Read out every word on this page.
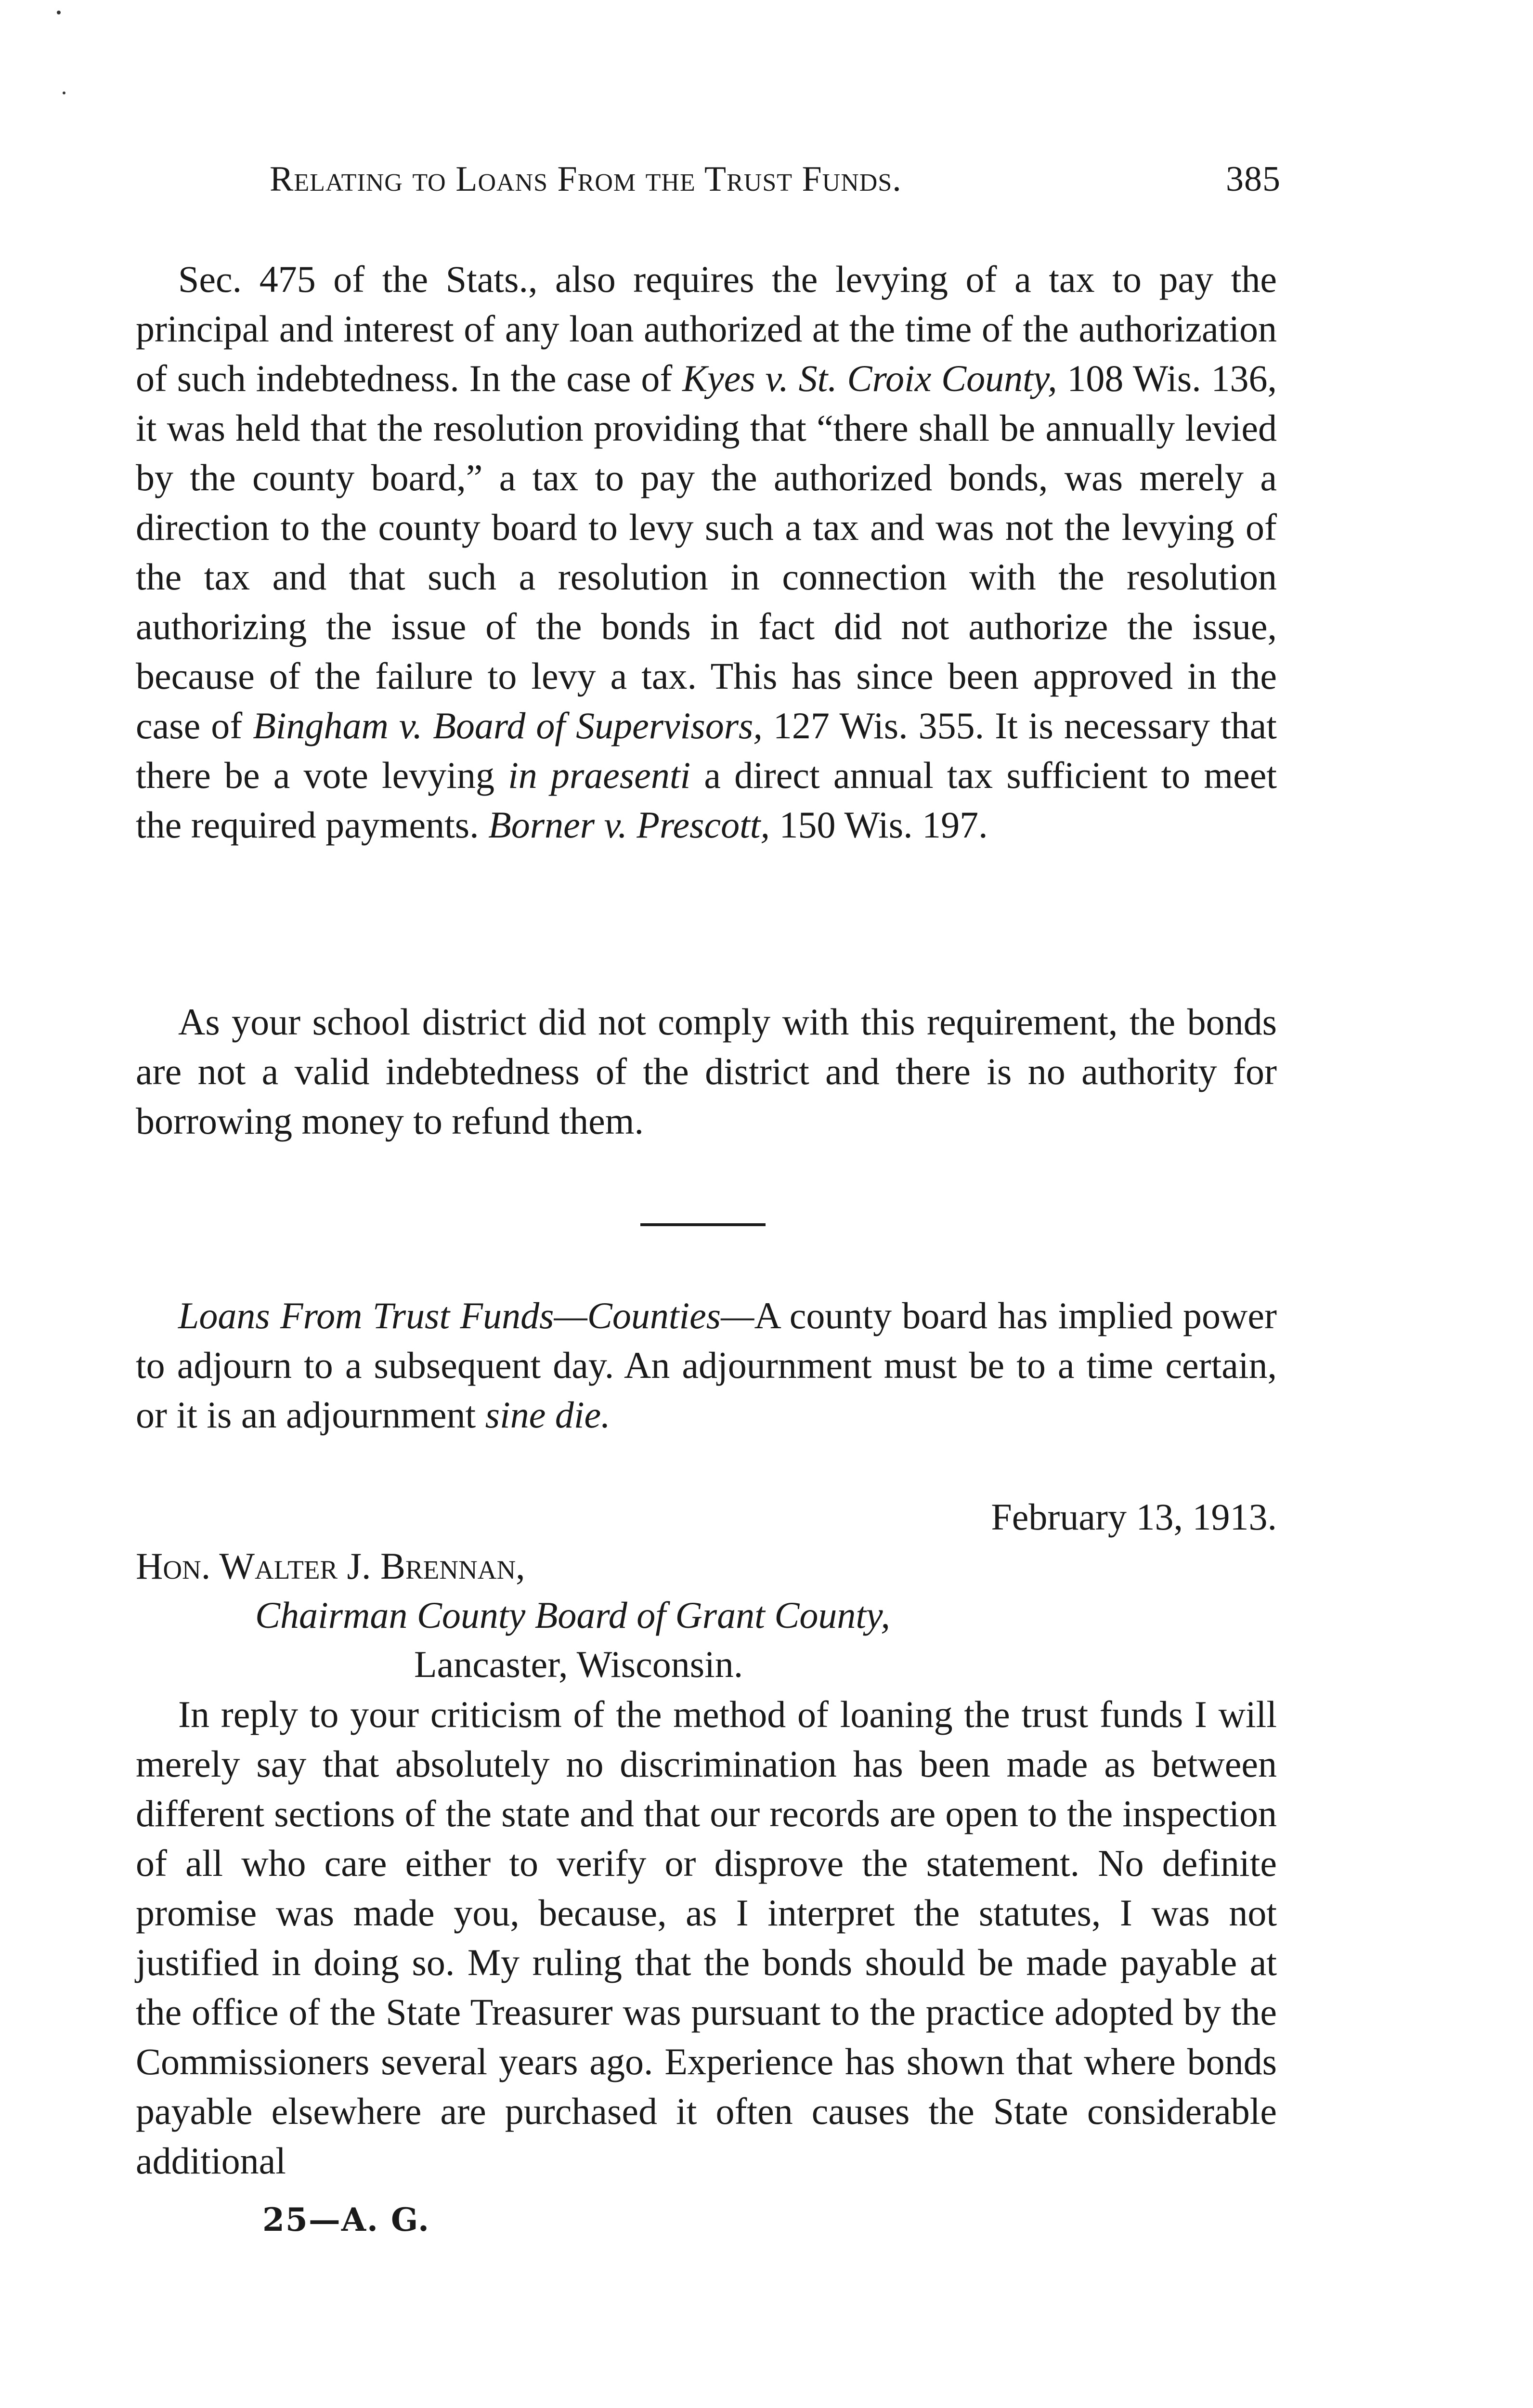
Relating to Loans From the Trust Funds.	385

Sec. 475 of the Stats., also requires the levying of a tax to pay the principal and interest of any loan authorized at the time of the authorization of such indebtedness. In the case of Kyes v. St. Croix County, 108 Wis. 136, it was held that the resolution providing that “there shall be annually levied by the county board,” a tax to pay the authorized bonds, was merely a direction to the county board to levy such a tax and was not the levying of the tax and that such a resolution in connection with the resolution authorizing the issue of the bonds in fact did not authorize the issue, because of the failure to levy a tax. This has since been approved in the case of Bingham v. Board of Supervisors, 127 Wis. 355. It is necessary that there be a vote levying in praesenti a direct annual tax sufficient to meet the required payments. Borner v. Prescott, 150 Wis. 197.

As your school district did not comply with this requirement, the bonds are not a valid indebtedness of the district and there is no authority for borrowing money to refund them.

Loans From Trust Funds—Counties—A county board has implied power to adjourn to a subsequent day. An adjournment must be to a time certain, or it is an adjournment sine die.

February 13, 1913.
Hon. Walter J. Brennan,
Chairman County Board of Grant County,
Lancaster, Wisconsin.

In reply to your criticism of the method of loaning the trust funds I will merely say that absolutely no discrimination has been made as between different sections of the state and that our records are open to the inspection of all who care either to verify or disprove the statement. No definite promise was made you, because, as I interpret the statutes, I was not justified in doing so. My ruling that the bonds should be made payable at the office of the State Treasurer was pursuant to the practice adopted by the Commissioners several years ago. Experience has shown that where bonds payable elsewhere are purchased it often causes the State considerable additional

25—A. G.
